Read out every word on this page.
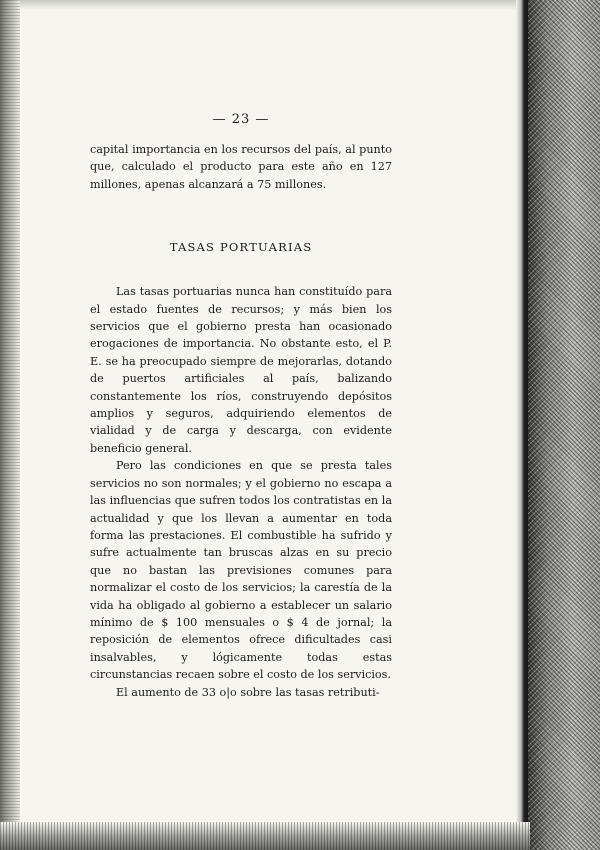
— 23 —

capital importancia en los recursos del país, al punto que, calculado el producto para este año en 127 millones, apenas alcanzará a 75 millones.

TASAS PORTUARIAS

Las tasas portuarias nunca han constituído para el estado fuentes de recursos; y más bien los servicios que el gobierno presta han ocasionado erogaciones de importancia. No obstante esto, el P. E. se ha preocupado siempre de mejorarlas, dotando de puertos artificiales al país, balizando constantemente los ríos, construyendo depósitos amplios y seguros, adquiriendo elementos de vialidad y de carga y descarga, con evidente beneficio general.

Pero las condiciones en que se presta tales servicios no son normales; y el gobierno no escapa a las influencias que sufren todos los contratistas en la actualidad y que los llevan a aumentar en toda forma las prestaciones. El combustible ha sufrido y sufre actualmente tan bruscas alzas en su precio que no bastan las previsiones comunes para normalizar el costo de los servicios; la carestía de la vida ha obligado al gobierno a establecer un salario mínimo de $ 100 mensuales o $ 4 de jornal; la reposición de elementos ofrece dificultades casi insalvables, y lógicamente todas estas circunstancias recaen sobre el costo de los servicios.

El aumento de 33 o|o sobre las tasas retributi-
